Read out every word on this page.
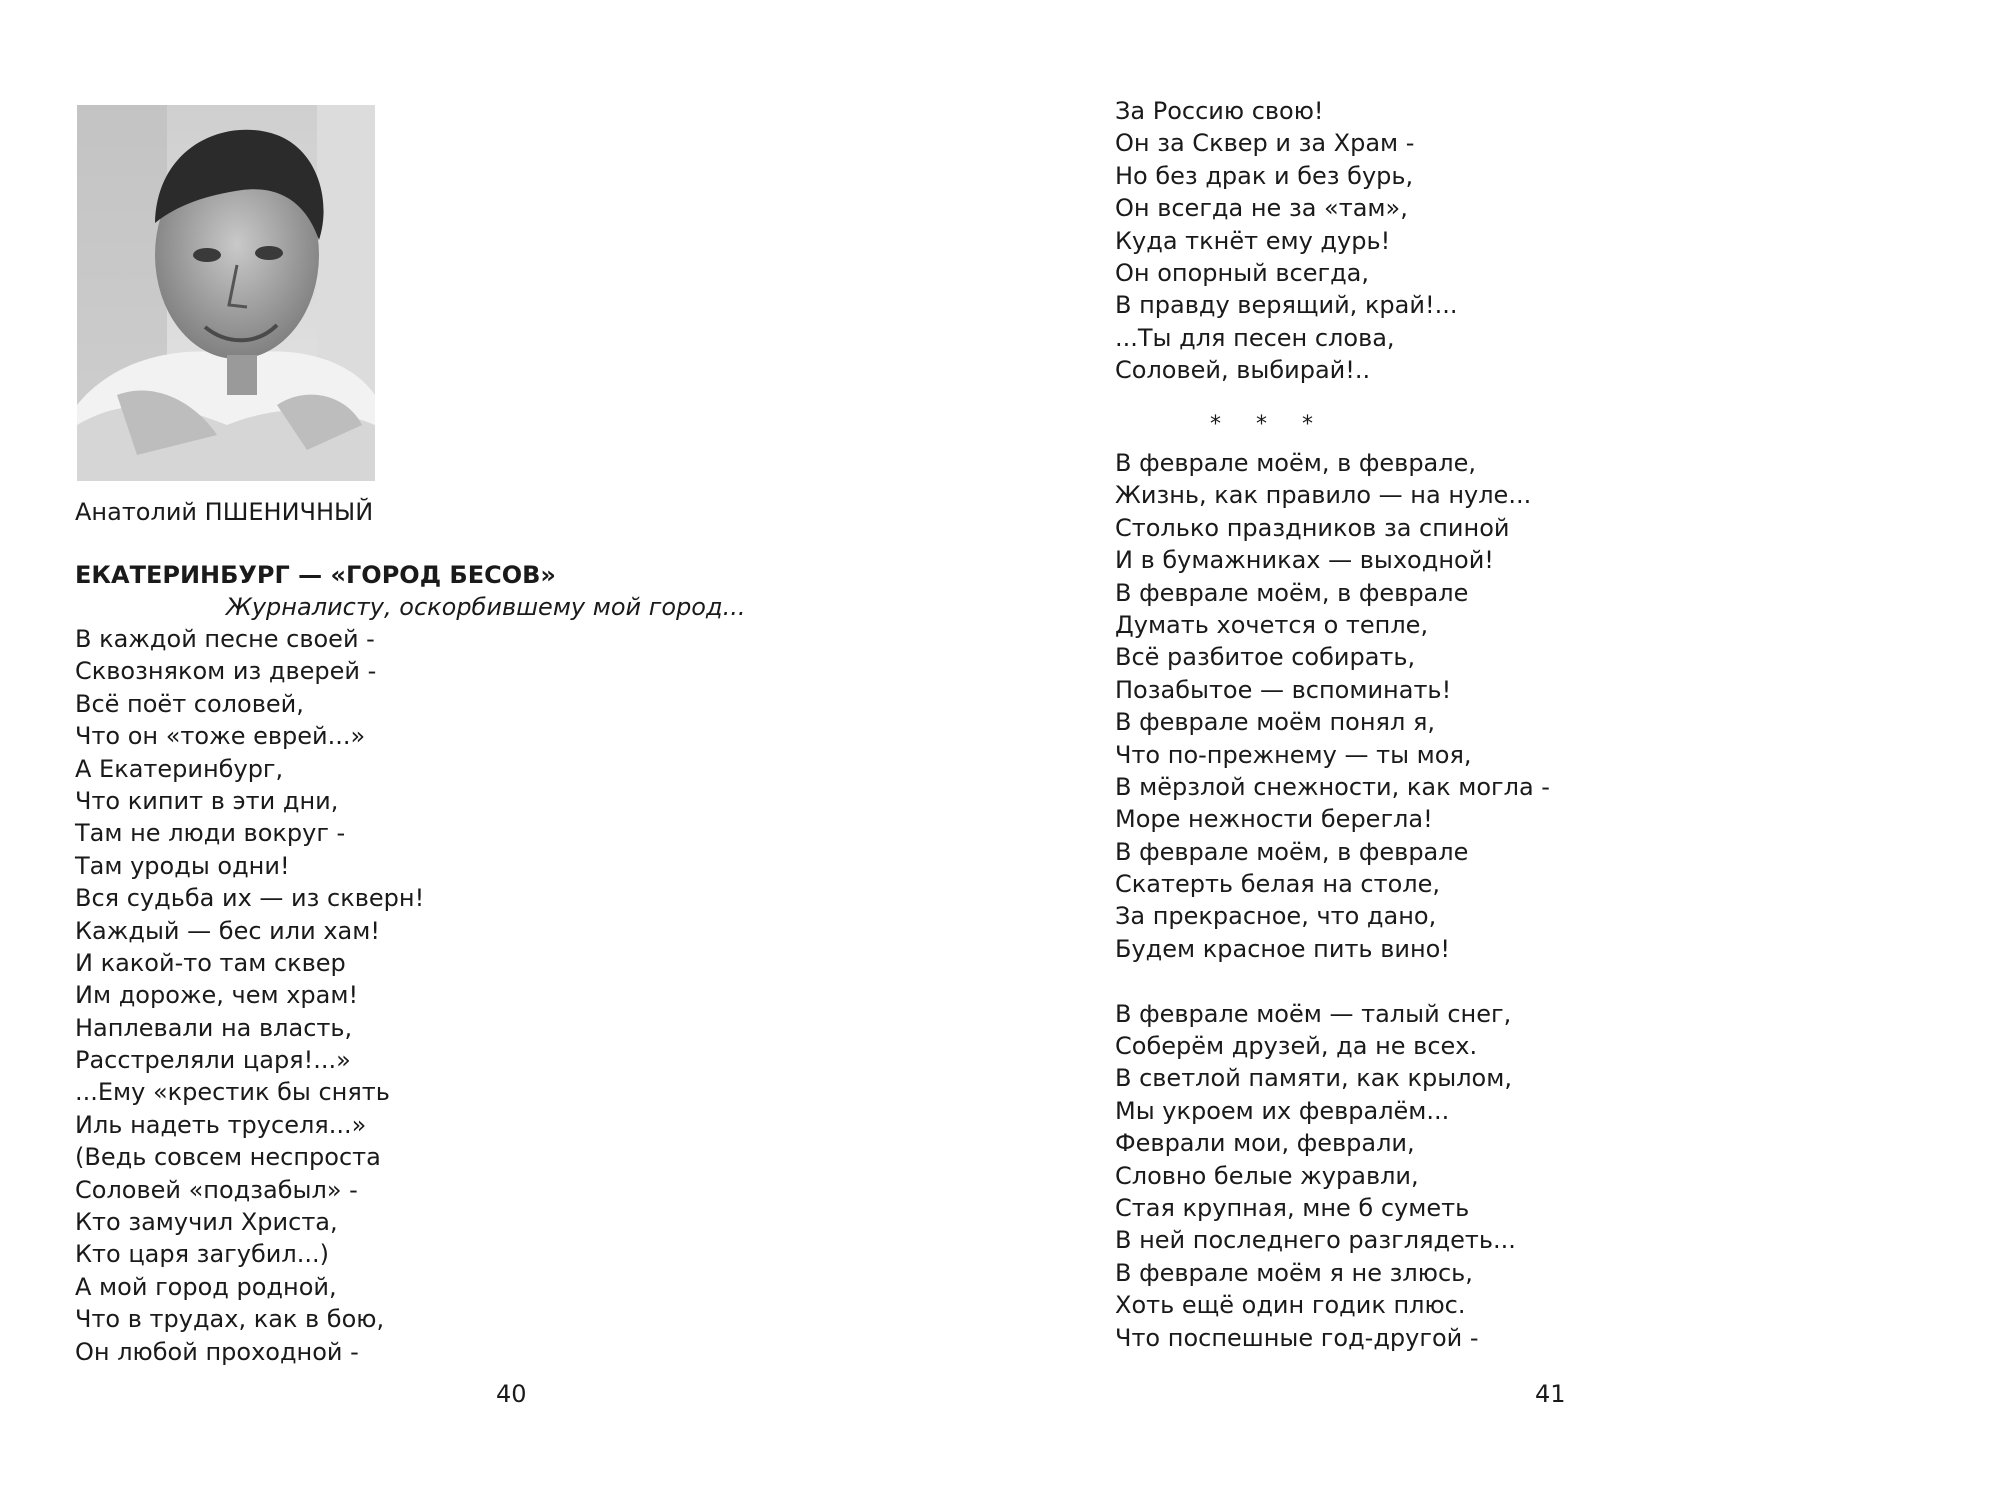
Анатолий ПШЕНИЧНЫЙ
ЕКАТЕРИНБУРГ — «ГОРОД БЕСОВ»
Журналисту, оскорбившему мой город...
В каждой песне своей -
Сквозняком из дверей -
Всё поёт соловей,
Что он «тоже еврей...»
А Екатеринбург,
Что кипит в эти дни,
Там не люди вокруг -
Там уроды одни!
Вся судьба их — из скверн!
Каждый — бес или хам!
И какой-то там сквер
Им дороже, чем храм!
Наплевали на власть,
Расстреляли царя!...»
...Ему «крестик бы снять
Иль надеть труселя...»
(Ведь совсем неспроста
Соловей «подзабыл» -
Кто замучил Христа,
Кто царя загубил...)
А мой город родной,
Что в трудах, как в бою,
Он любой проходной -
40
За Россию свою!
Он за Сквер и за Храм -
Но без драк и без бурь,
Он всегда не за «там»,
Куда ткнёт ему дурь!
Он опорный всегда,
В правду верящий, край!...
...Ты для песен слова,
Соловей, выбирай!..
* * *
В феврале моём, в феврале,
Жизнь, как правило — на нуле...
Столько праздников за спиной
И в бумажниках — выходной!
В феврале моём, в феврале
Думать хочется о тепле,
Всё разбитое собирать,
Позабытое — вспоминать!
В феврале моём понял я,
Что по-прежнему — ты моя,
В мёрзлой снежности, как могла -
Море нежности берегла!
В феврале моём, в феврале
Скатерть белая на столе,
За прекрасное, что дано,
Будем красное пить вино!
В феврале моём — талый снег,
Соберём друзей, да не всех.
В светлой памяти, как крылом,
Мы укроем их февралём...
Феврали мои, феврали,
Словно белые журавли,
Стая крупная, мне б суметь
В ней последнего разглядеть...
В феврале моём я не злюсь,
Хоть ещё один годик плюс.
Что поспешные год-другой -
41
